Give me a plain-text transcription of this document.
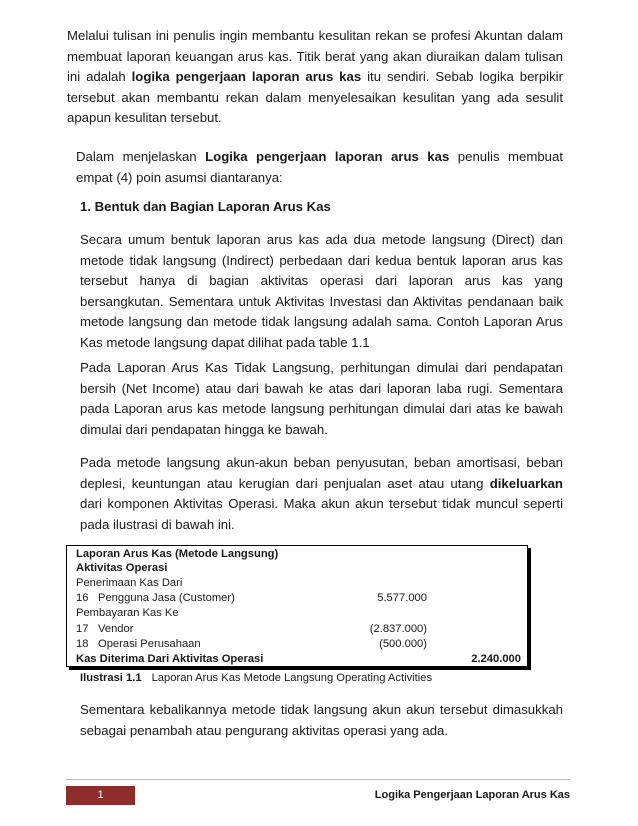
Melalui tulisan ini penulis ingin membantu kesulitan rekan se profesi Akuntan dalam membuat laporan keuangan arus kas. Titik berat yang akan diuraikan dalam tulisan ini adalah logika pengerjaan laporan arus kas itu sendiri. Sebab logika berpikir tersebut akan membantu rekan dalam menyelesaikan kesulitan yang ada sesulit apapun kesulitan tersebut.

Dalam menjelaskan Logika pengerjaan laporan arus kas penulis membuat empat (4) poin asumsi diantaranya:

1. Bentuk dan Bagian Laporan Arus Kas

Secara umum bentuk laporan arus kas ada dua metode langsung (Direct) dan metode tidak langsung (Indirect) perbedaan dari kedua bentuk laporan arus kas tersebut hanya di bagian aktivitas operasi dari laporan arus kas yang bersangkutan. Sementara untuk Aktivitas Investasi dan Aktivitas pendanaan baik metode langsung dan metode tidak langsung adalah sama. Contoh Laporan Arus Kas metode langsung dapat dilihat pada table 1.1

Pada Laporan Arus Kas Tidak Langsung, perhitungan dimulai dari pendapatan bersih (Net Income) atau dari bawah ke atas dari laporan laba rugi. Sementara pada Laporan arus kas metode langsung perhitungan dimulai dari atas ke bawah dimulai dari pendapatan hingga ke bawah.

Pada metode langsung akun-akun beban penyusutan, beban amortisasi, beban deplesi, keuntungan atau kerugian dari penjualan aset atau utang dikeluarkan dari komponen Aktivitas Operasi. Maka akun akun tersebut tidak muncul seperti pada ilustrasi di bawah ini.

Laporan Arus Kas (Metode Langsung)
Aktivitas Operasi
Penerimaan Kas Dari
16 Pengguna Jasa (Customer)	5.577.000
Pembayaran Kas Ke
17 Vendor	(2.837.000)
18 Operasi Perusahaan	(500.000)
Kas Diterima Dari Aktivitas Operasi	2.240.000
Ilustrasi 1.1 Laporan Arus Kas Metode Langsung Operating Activities

Sementara kebalikannya metode tidak langsung akun akun tersebut dimasukkah sebagai penambah atau pengurang aktivitas operasi yang ada.

1	Logika Pengerjaan Laporan Arus Kas
